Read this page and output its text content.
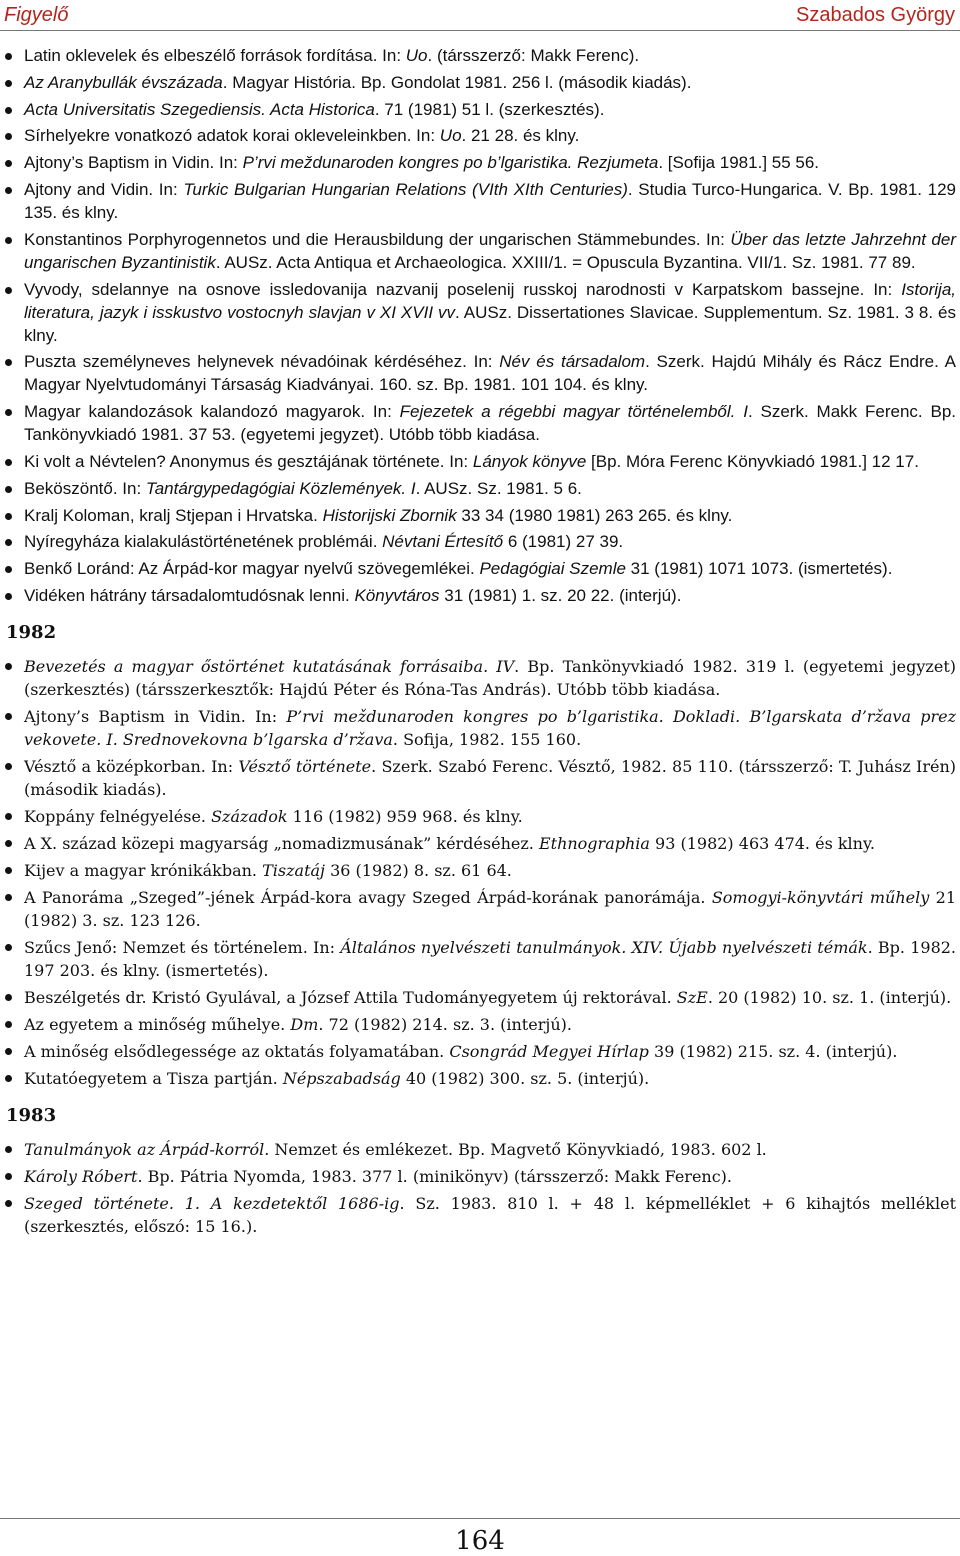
Figyelő	Szabados György
Latin oklevelek és elbeszélő források fordítása. In: Uo. (társszerző: Makk Ferenc).
Az Aranybullák évszázada. Magyar História. Bp. Gondolat 1981. 256 l. (második kiadás).
Acta Universitatis Szegediensis. Acta Historica. 71 (1981) 51 l. (szerkesztés).
Sírhelyekre vonatkozó adatok korai okleveleinkben. In: Uo. 21 28. és klny.
Ajtony’s Baptism in Vidin. In: P’rvi meždunaroden kongres po b’lgaristika. Rezjumeta. [Sofija 1981.] 55 56.
Ajtony and Vidin. In: Turkic Bulgarian Hungarian Relations (VIth XIth Centuries). Studia Turco-Hungarica. V. Bp. 1981. 129 135. és klny.
Konstantinos Porphyrogennetos und die Herausbildung der ungarischen Stämmebundes. In: Über das letzte Jahrzehnt der ungarischen Byzantinistik. AUSz. Acta Antiqua et Archaeologica. XXIII/1. = Opuscula Byzantina. VII/1. Sz. 1981. 77 89.
Vyvody, sdelannye na osnove issledovanija nazvanij poselenij russkoj narodnosti v Karpatskom bassejne. In: Istorija, literatura, jazyk i isskustvo vostocnyh slavjan v XI XVII vv. AUSz. Dissertationes Slavicae. Supplementum. Sz. 1981. 3 8. és klny.
Puszta személyneves helynevek névadóinak kérdéséhez. In: Név és társadalom. Szerk. Hajdú Mihály és Rácz Endre. A Magyar Nyelvtudományi Társaság Kiadványai. 160. sz. Bp. 1981. 101 104. és klny.
Magyar kalandozások kalandozó magyarok. In: Fejezetek a régebbi magyar történelemből. I. Szerk. Makk Ferenc. Bp. Tankönyvkiadó 1981. 37 53. (egyetemi jegyzet). Utóbb több kiadása.
Ki volt a Névtelen? Anonymus és gesztájának története. In: Lányok könyve [Bp. Móra Ferenc Könyvkiadó 1981.] 12 17.
Beköszöntő. In: Tantárgypedagógiai Közlemények. I. AUSz. Sz. 1981. 5 6.
Kralj Koloman, kralj Stjepan i Hrvatska. Historijski Zbornik 33 34 (1980 1981) 263 265. és klny.
Nyíregyháza kialakulástörténetének problémái. Névtani Értesítő 6 (1981) 27 39.
Benkő Loránd: Az Árpád-kor magyar nyelvű szövegemlékei. Pedagógiai Szemle 31 (1981) 1071 1073. (ismertetés).
Vidéken hátrány társadalomtudósnak lenni. Könyvtáros 31 (1981) 1. sz. 20 22. (interjú).
1982
Bevezetés a magyar őstörténet kutatásának forrásaiba. IV. Bp. Tankönyvkiadó 1982. 319 l. (egyetemi jegyzet) (szerkesztés) (társszerkesztők: Hajdú Péter és Róna-Tas András). Utóbb több kiadása.
Ajtony’s Baptism in Vidin. In: P’rvi meždunaroden kongres po b’lgaristika. Dokladi. B’lgarskata d’ržava prez vekovete. I. Srednovekovna b’lgarska d’ržava. Sofija, 1982. 155 160.
Vésztő a középkorban. In: Vésztő története. Szerk. Szabó Ferenc. Vésztő, 1982. 85 110. (társszerző: T. Juhász Irén) (második kiadás).
Koppány felnégyelése. Századok 116 (1982) 959 968. és klny.
A X. század közepi magyarság „nomadizmusának” kérdéséhez. Ethnographia 93 (1982) 463 474. és klny.
Kijev a magyar krónikákban. Tiszatáj 36 (1982) 8. sz. 61 64.
A Panoráma „Szeged”-jének Árpád-kora avagy Szeged Árpád-korának panorámája. Somogyi-könyvtári műhely 21 (1982) 3. sz. 123 126.
Szűcs Jenő: Nemzet és történelem. In: Általános nyelvészeti tanulmányok. XIV. Újabb nyelvészeti témák. Bp. 1982. 197 203. és klny. (ismertetés).
Beszélgetés dr. Kristó Gyulával, a József Attila Tudományegyetem új rektorával. SzE. 20 (1982) 10. sz. 1. (interjú).
Az egyetem a minőség műhelye. Dm. 72 (1982) 214. sz. 3. (interjú).
A minőség elsődlegessége az oktatás folyamatában. Csongrád Megyei Hírlap 39 (1982) 215. sz. 4. (interjú).
Kutatóegyetem a Tisza partján. Népszabadság 40 (1982) 300. sz. 5. (interjú).
1983
Tanulmányok az Árpád-korról. Nemzet és emlékezet. Bp. Magvető Könyvkiadó, 1983. 602 l.
Károly Róbert. Bp. Pátria Nyomda, 1983. 377 l. (minikönyv) (társszerző: Makk Ferenc).
Szeged története. 1. A kezdetektől 1686-ig. Sz. 1983. 810 l. + 48 l. képmelléklet + 6 kihajtós melléklet (szerkesztés, előszó: 15 16.).
164
